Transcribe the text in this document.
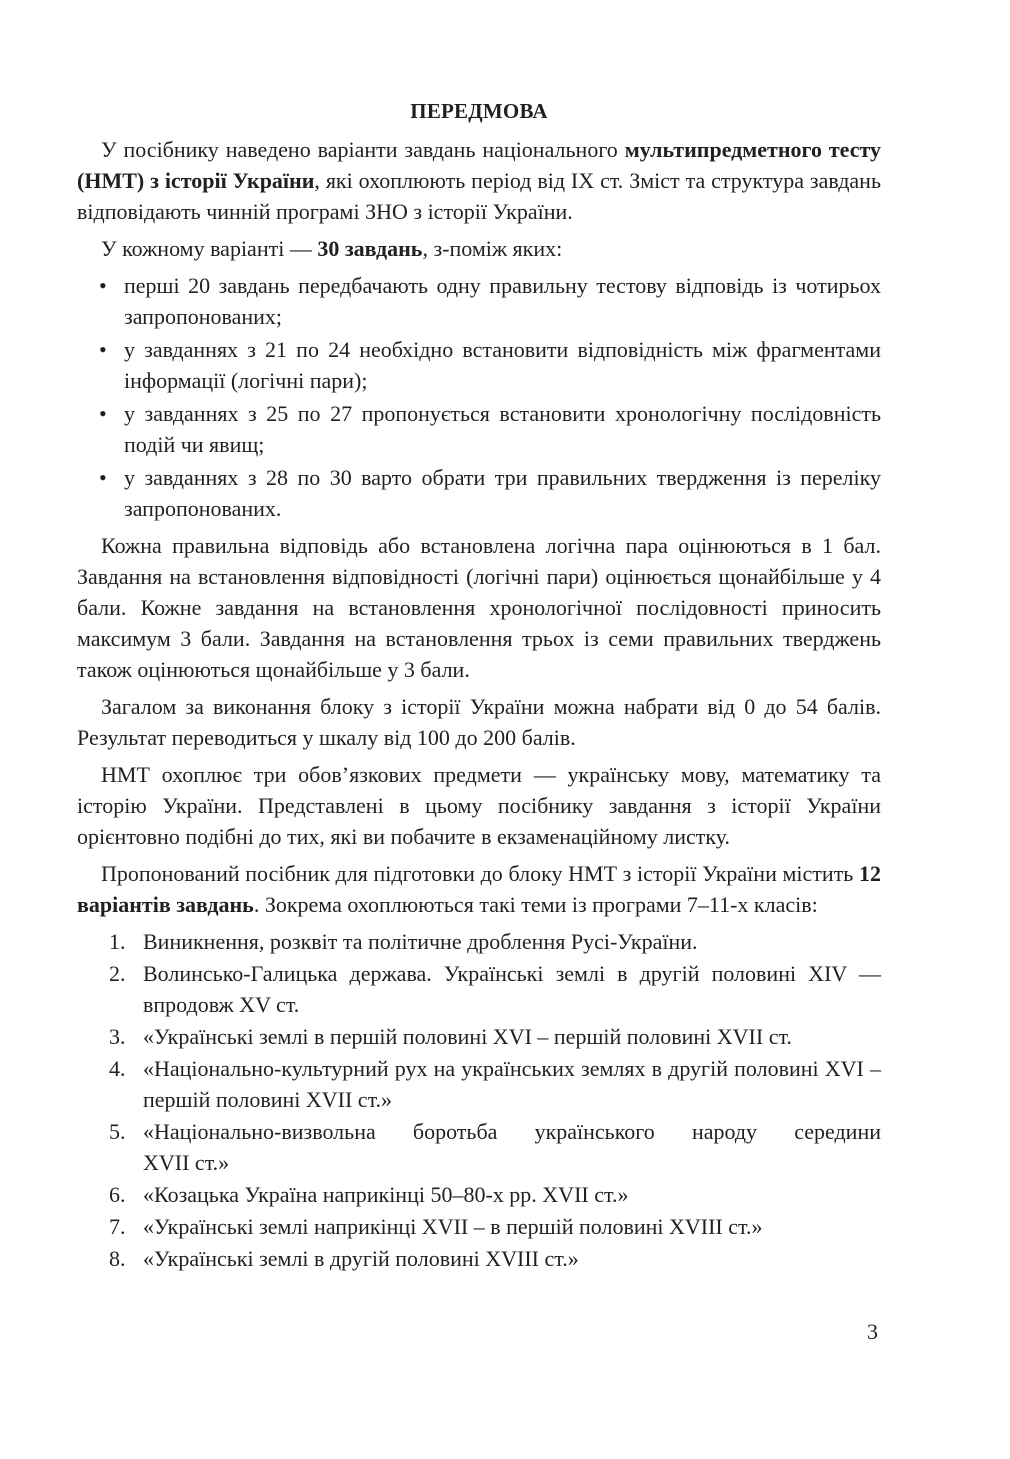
ПЕРЕДМОВА

У посібнику наведено варіанти завдань національного мультипредметного тесту (НМТ) з історії України, які охоплюють період від IX ст. Зміст та структура завдань відповідають чинній програмі ЗНО з історії України.

У кожному варіанті — 30 завдань, з-поміж яких:

• перші 20 завдань передбачають одну правильну тестову відповідь із чотирьох запропонованих;
• у завданнях з 21 по 24 необхідно встановити відповідність між фрагментами інформації (логічні пари);
• у завданнях з 25 по 27 пропонується встановити хронологічну послідовність подій чи явищ;
• у завданнях з 28 по 30 варто обрати три правильних твердження із переліку запропонованих.

Кожна правильна відповідь або встановлена логічна пара оцінюються в 1 бал. Завдання на встановлення відповідності (логічні пари) оцінюється щонайбільше у 4 бали. Кожне завдання на встановлення хронологічної послідовності приносить максимум 3 бали. Завдання на встановлення трьох із семи правильних тверджень також оцінюються щонайбільше у 3 бали.

Загалом за виконання блоку з історії України можна набрати від 0 до 54 балів. Результат переводиться у шкалу від 100 до 200 балів.

НМТ охоплює три обов’язкових предмети — українську мову, математику та історію України. Представлені в цьому посібнику завдання з історії України орієнтовно подібні до тих, які ви побачите в екзаменаційному листку.

Пропонований посібник для підготовки до блоку НМТ з історії України містить 12 варіантів завдань. Зокрема охоплюються такі теми із програми 7–11-х класів:

1. Виникнення, розквіт та політичне дроблення Русі-України.
2. Волинсько-Галицька держава. Українські землі в другій половині XIV — впродовж XV ст.
3. «Українські землі в першій половині XVI – першій половині XVII ст.
4. «Національно-культурний рух на українських землях в другій половині XVI – першій половині XVII ст.»
5. «Національно-визвольна боротьба українського народу середини
XVII ст.»
6. «Козацька Україна наприкінці 50–80-х рр. XVII ст.»
7. «Українські землі наприкінці XVII – в першій половині XVIII ст.»
8. «Українські землі в другій половині XVIII ст.»
3
